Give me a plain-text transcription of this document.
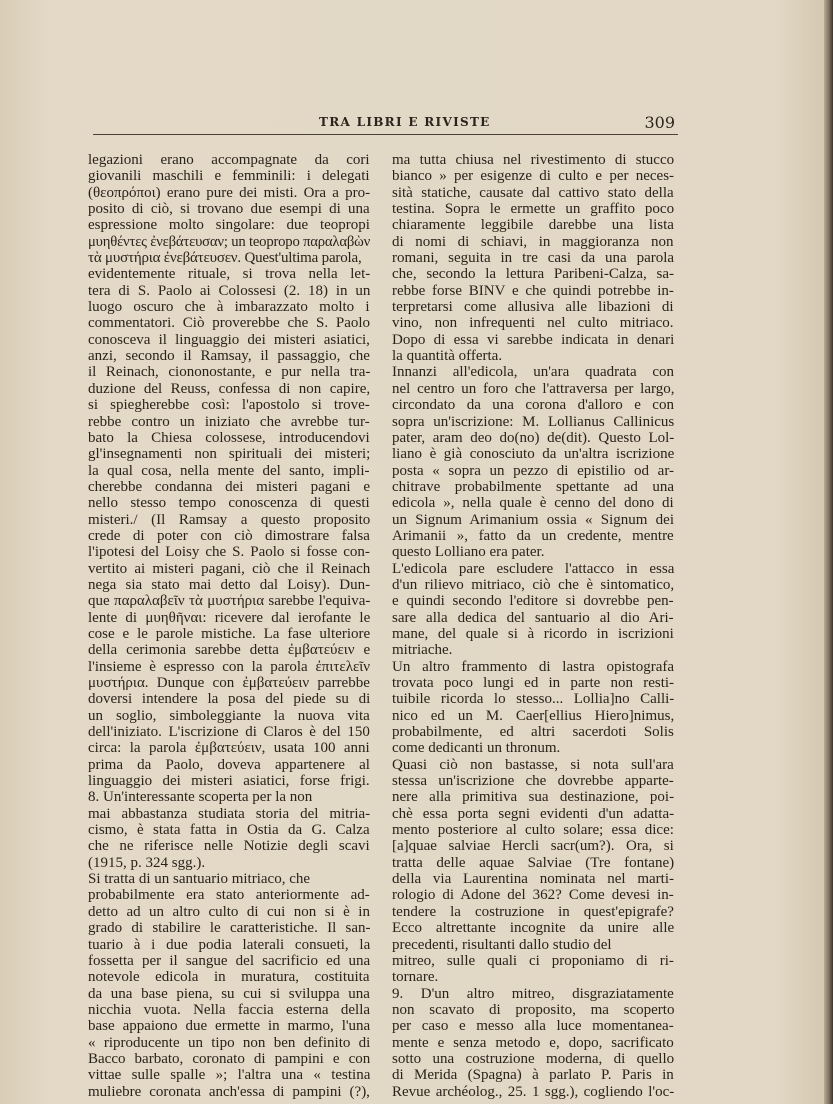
TRA LIBRI E RIVISTE	309
legazioni erano accompagnate da cori
giovanili maschili e femminili: i delegati
(θεοπρόποι) erano pure dei misti. Ora a pro-
posito di ciò, si trovano due esempi di una
espressione molto singolare: due teopropi
μυηθέντες ἐνεβάτευσαν; un teopropo παραλαβὼν
τὰ μυστήρια ἐνεβάτευσεν. Quest'ultima parola,
evidentemente rituale, si trova nella let-
tera di S. Paolo ai Colossesi (2. 18) in un
luogo oscuro che à imbarazzato molto i
commentatori. Ciò proverebbe che S. Paolo
conosceva il linguaggio dei misteri asiatici,
anzi, secondo il Ramsay, il passaggio, che
il Reinach, ciononostante, e pur nella tra-
duzione del Reuss, confessa di non capire,
si spiegherebbe così: l'apostolo si trove-
rebbe contro un iniziato che avrebbe tur-
bato la Chiesa colossese, introducendovi
gl'insegnamenti non spirituali dei misteri;
la qual cosa, nella mente del santo, impli-
cherebbe condanna dei misteri pagani e
nello stesso tempo conoscenza di questi
misteri./ (Il Ramsay a questo proposito
crede di poter con ciò dimostrare falsa
l'ipotesi del Loisy che S. Paolo si fosse con-
vertito ai misteri pagani, ciò che il Reinach
nega sia stato mai detto dal Loisy). Dun-
que παραλαβεῖν τὰ μυστήρια sarebbe l'equiva-
lente di μυηθῆναι: ricevere dal ierofante le
cose e le parole mistiche. La fase ulteriore
della cerimonia sarebbe detta ἐμβατεύειν e
l'insieme è espresso con la parola ἐπιτελεῖν
μυστήρια. Dunque con ἐμβατεύειν parrebbe
doversi intendere la posa del piede su di
un soglio, simboleggiante la nuova vita
dell'iniziato. L'iscrizione di Claros è del 150
circa: la parola ἐμβατεύειν, usata 100 anni
prima da Paolo, doveva appartenere al
linguaggio dei misteri asiatici, forse frigi.
8. Un'interessante scoperta per la non
mai abbastanza studiata storia del mitria-
cismo, è stata fatta in Ostia da G. Calza
che ne riferisce nelle Notizie degli scavi
(1915, p. 324 sgg.).
Si tratta di un santuario mitriaco, che
probabilmente era stato anteriormente ad-
detto ad un altro culto di cui non si è in
grado di stabilire le caratteristiche. Il san-
tuario à i due podia laterali consueti, la
fossetta per il sangue del sacrificio ed una
notevole edicola in muratura, costituita
da una base piena, su cui si sviluppa una
nicchia vuota. Nella faccia esterna della
base appaiono due ermette in marmo, l'una
« riproducente un tipo non ben definito di
Bacco barbato, coronato di pampini e con
vittae sulle spalle »; l'altra una « testina
muliebre coronata anch'essa di pampini (?),
ma tutta chiusa nel rivestimento di stucco
bianco » per esigenze di culto e per neces-
sità statiche, causate dal cattivo stato della
testina. Sopra le ermette un graffito poco
chiaramente leggibile darebbe una lista
di nomi di schiavi, in maggioranza non
romani, seguita in tre casi da una parola
che, secondo la lettura Paribeni-Calza, sa-
rebbe forse BINV e che quindi potrebbe in-
terpretarsi come allusiva alle libazioni di
vino, non infrequenti nel culto mitriaco.
Dopo di essa vi sarebbe indicata in denari
la quantità offerta.
Innanzi all'edicola, un'ara quadrata con
nel centro un foro che l'attraversa per largo,
circondato da una corona d'alloro e con
sopra un'iscrizione: M. Lollianus Callinicus
pater, aram deo do(no) de(dit). Questo Lol-
liano è già conosciuto da un'altra iscrizione
posta « sopra un pezzo di epistilio od ar-
chitrave probabilmente spettante ad una
edicola », nella quale è cenno del dono di
un Signum Arimanium ossia « Signum dei
Arimanii », fatto da un credente, mentre
questo Lolliano era pater.
L'edicola pare escludere l'attacco in essa
d'un rilievo mitriaco, ciò che è sintomatico,
e quindi secondo l'editore si dovrebbe pen-
sare alla dedica del santuario al dio Ari-
mane, del quale si à ricordo in iscrizioni
mitriache.
Un altro frammento di lastra opistografa
trovata poco lungi ed in parte non resti-
tuibile ricorda lo stesso... Lollia]no Calli-
nico ed un M. Caer[ellius Hiero]nimus,
probabilmente, ed altri sacerdoti Solis
come dedicanti un thronum.
Quasi ciò non bastasse, si nota sull'ara
stessa un'iscrizione che dovrebbe apparte-
nere alla primitiva sua destinazione, poi-
chè essa porta segni evidenti d'un adatta-
mento posteriore al culto solare; essa dice:
[a]quae salviae Hercli sacr(um?). Ora, si
tratta delle aquae Salviae (Tre fontane)
della via Laurentina nominata nel marti-
rologio di Adone del 362? Come devesi in-
tendere la costruzione in quest'epigrafe?
Ecco altrettante incognite da unire alle
precedenti, risultanti dallo studio del
mitreo, sulle quali ci proponiamo di ri-
tornare.
9. D'un altro mitreo, disgraziatamente
non scavato di proposito, ma scoperto
per caso e messo alla luce momentanea-
mente e senza metodo e, dopo, sacrificato
sotto una costruzione moderna, di quello
di Merida (Spagna) à parlato P. Paris in
Revue archéolog., 25. 1 sgg.), cogliendo l'oc-
